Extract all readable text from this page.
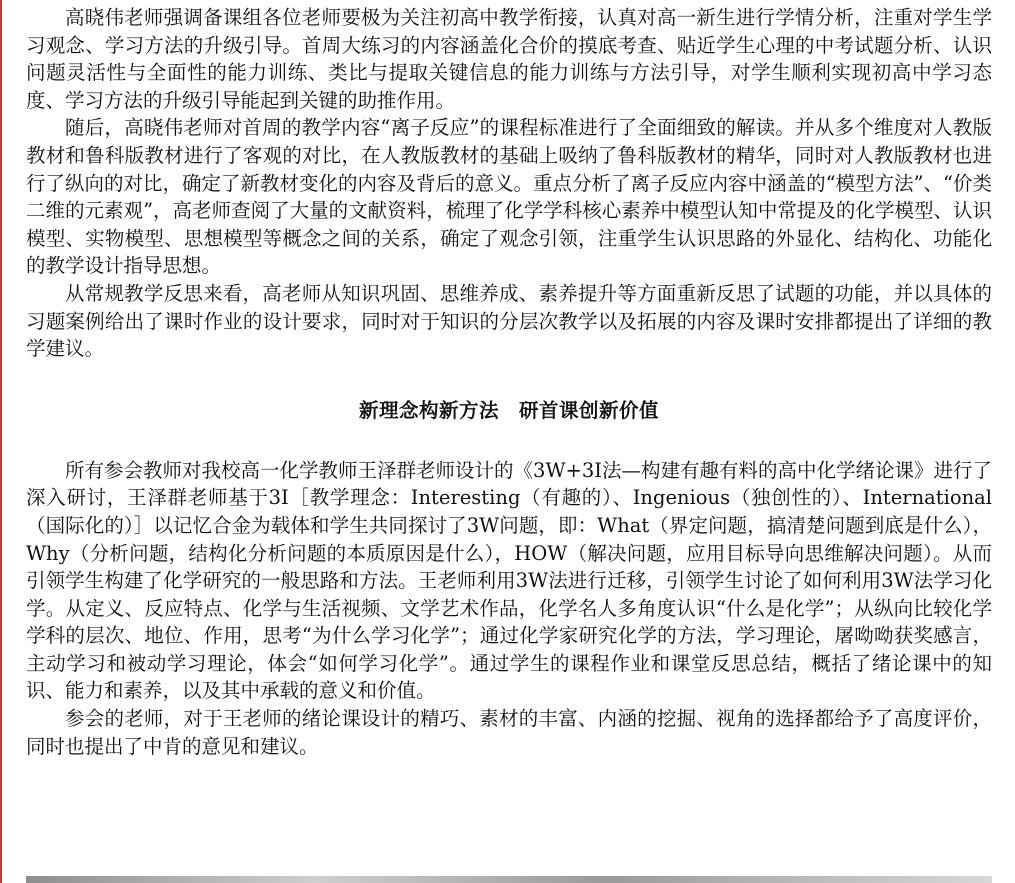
高晓伟老师强调备课组各位老师要极为关注初高中教学衔接，认真对高一新生进行学情分析，注重对学生学习观念、学习方法的升级引导。首周大练习的内容涵盖化合价的摸底考查、贴近学生心理的中考试题分析、认识问题灵活性与全面性的能力训练、类比与提取关键信息的能力训练与方法引导，对学生顺利实现初高中学习态度、学习方法的升级引导能起到关键的助推作用。

随后，高晓伟老师对首周的教学内容“离子反应”的课程标准进行了全面细致的解读。并从多个维度对人教版教材和鲁科版教材进行了客观的对比，在人教版教材的基础上吸纳了鲁科版教材的精华，同时对人教版教材也进行了纵向的对比，确定了新教材变化的内容及背后的意义。重点分析了离子反应内容中涵盖的“模型方法”、“价类二维的元素观”，高老师查阅了大量的文献资料，梳理了化学学科核心素养中模型认知中常提及的化学模型、认识模型、实物模型、思想模型等概念之间的关系，确定了观念引领，注重学生认识思路的外显化、结构化、功能化的教学设计指导思想。

从常规教学反思来看，高老师从知识巩固、思维养成、素养提升等方面重新反思了试题的功能，并以具体的习题案例给出了课时作业的设计要求，同时对于知识的分层次教学以及拓展的内容及课时安排都提出了详细的教学建议。

新理念构新方法　研首课创新价值

所有参会教师对我校高一化学教师王泽群老师设计的《3W+3I法—构建有趣有料的高中化学绪论课》进行了深入研讨，王泽群老师基于3I［教学理念：Interesting（有趣的）、Ingenious（独创性的）、International（国际化的）］以记忆合金为载体和学生共同探讨了3W问题，即：What（界定问题，搞清楚问题到底是什么），Why（分析问题，结构化分析问题的本质原因是什么），HOW（解决问题，应用目标导向思维解决问题）。从而引领学生构建了化学研究的一般思路和方法。王老师利用3W法进行迁移，引领学生讨论了如何利用3W法学习化学。从定义、反应特点、化学与生活视频、文学艺术作品，化学名人多角度认识“什么是化学”；从纵向比较化学学科的层次、地位、作用，思考“为什么学习化学”；通过化学家研究化学的方法，学习理论，屠呦呦获奖感言，主动学习和被动学习理论，体会“如何学习化学”。通过学生的课程作业和课堂反思总结，概括了绪论课中的知识、能力和素养，以及其中承载的意义和价值。

参会的老师，对于王老师的绪论课设计的精巧、素材的丰富、内涵的挖掘、视角的选择都给予了高度评价，同时也提出了中肯的意见和建议。
